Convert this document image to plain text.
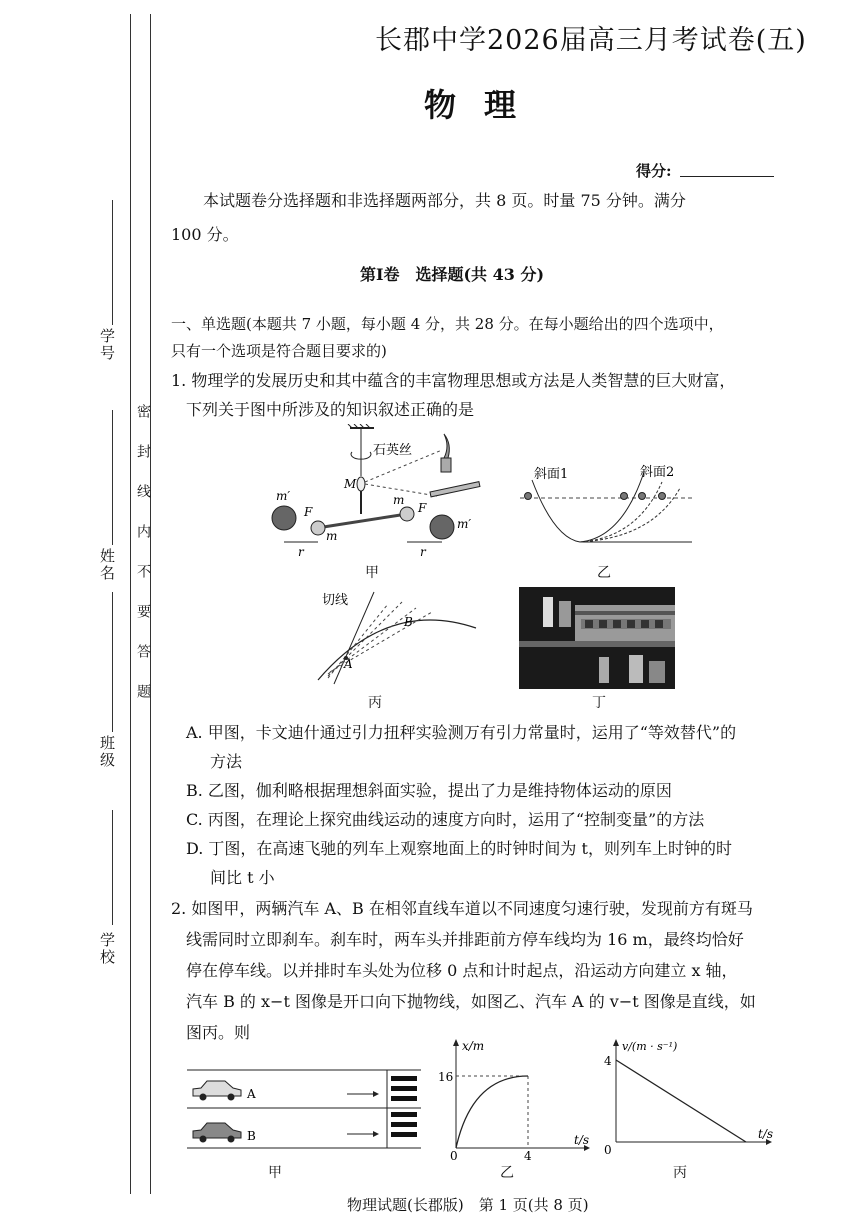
学校
班级
姓名
学号
密封线内不要答题
长郡中学2026届高三月考试卷(五)
物理
得分:
本试题卷分选择题和非选择题两部分，共 8 页。时量 75 分钟。满分
100 分。
第Ⅰ卷　选择题(共 43 分)
一、单选题(本题共 7 小题，每小题 4 分，共 28 分。在每小题给出的四个选项中，
只有一个选项是符合题目要求的)
1. 物理学的发展历史和其中蕴含的丰富物理思想或方法是人类智慧的巨大财富，
下列关于图中所涉及的知识叙述正确的是
石英丝
M
m′
m′
F	F
m
m
r	r
甲
斜面1	斜面2
乙
切线
A
B
丙	丁
A. 甲图，卡文迪什通过引力扭秤实验测万有引力常量时，运用了“等效替代”的
方法
B. 乙图，伽利略根据理想斜面实验，提出了力是维持物体运动的原因
C. 丙图，在理论上探究曲线运动的速度方向时，运用了“控制变量”的方法
D. 丁图，在高速飞驰的列车上观察地面上的时钟时间为 t，则列车上时钟的时
间比 t 小
2. 如图甲，两辆汽车 A、B 在相邻直线车道以不同速度匀速行驶，发现前方有斑马
线需同时立即刹车。刹车时，两车头并排距前方停车线均为 16 m，最终均恰好
停在停车线。以并排时车头处为位移 0 点和计时起点，沿运动方向建立 x 轴，
汽车 B 的 x−t 图像是开口向下抛物线，如图乙、汽车 A 的 v−t 图像是直线，如
图丙。则
A
B
甲
x/m
t/s
16
4
0
乙
v/(m · s⁻¹)
t/s
4
0
丙
物理试题(长郡版)　第 1 页(共 8 页)
